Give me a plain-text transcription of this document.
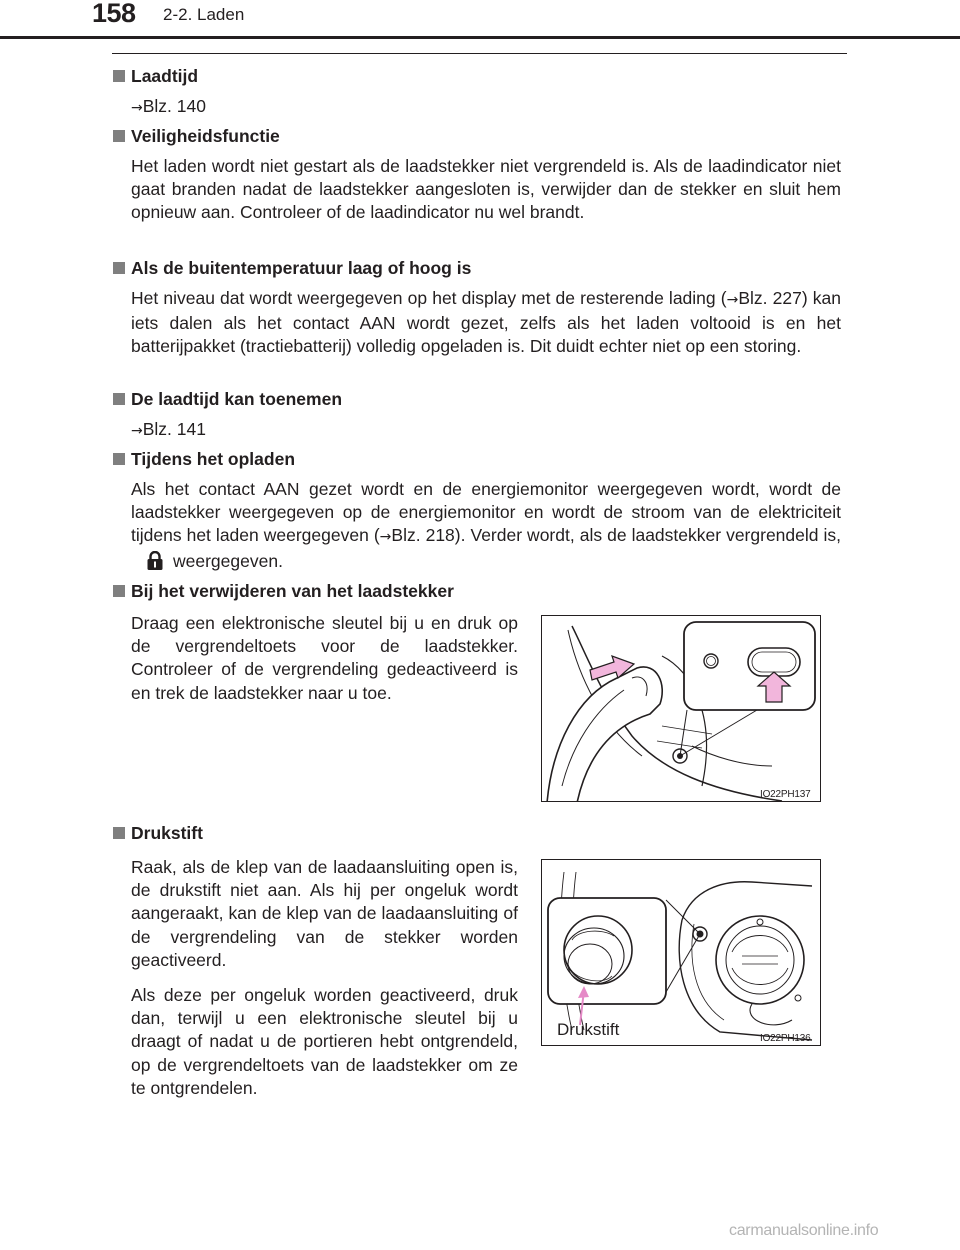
158 2-2. Laden
Laadtijd
→Blz. 140
Veiligheidsfunctie
Het laden wordt niet gestart als de laadstekker niet vergrendeld is. Als de laadindicator niet gaat branden nadat de laadstekker aangesloten is, verwijder dan de stekker en sluit hem opnieuw aan. Controleer of de laadindicator nu wel brandt.
Als de buitentemperatuur laag of hoog is
Het niveau dat wordt weergegeven op het display met de resterende lading (→Blz. 227) kan iets dalen als het contact AAN wordt gezet, zelfs als het laden voltooid is en het batterijpakket (tractiebatterij) volledig opgeladen is. Dit duidt echter niet op een storing.
De laadtijd kan toenemen
→Blz. 141
Tijdens het opladen
Als het contact AAN gezet wordt en de energiemonitor weergegeven wordt, wordt de laadstekker weergegeven op de energiemonitor en wordt de stroom van de elektriciteit tijdens het laden weergegeven (→Blz. 218). Verder wordt, als de laadstekker vergrendeld is,weergegeven.
Bij het verwijderen van het laadstekker
Draag een elektronische sleutel bij u en druk op de vergrendeltoets voor de laadstekker. Controleer of de vergrendeling gedeactiveerd is en trek de laadstekker naar u toe.
IO22PH137
Drukstift
Raak, als de klep van de laadaansluiting open is, de drukstift niet aan. Als hij per ongeluk wordt aangeraakt, kan de klep van de laadaansluiting of de vergrendeling van de stekker worden geactiveerd.
Als deze per ongeluk worden geactiveerd, druk dan, terwijl u een elektronische sleutel bij u draagt of nadat u de portieren hebt ontgrendeld, op de vergrendeltoets van de laadstekker om ze te ontgrendelen.
Drukstift	IO22PH136
carmanualsonline.info
